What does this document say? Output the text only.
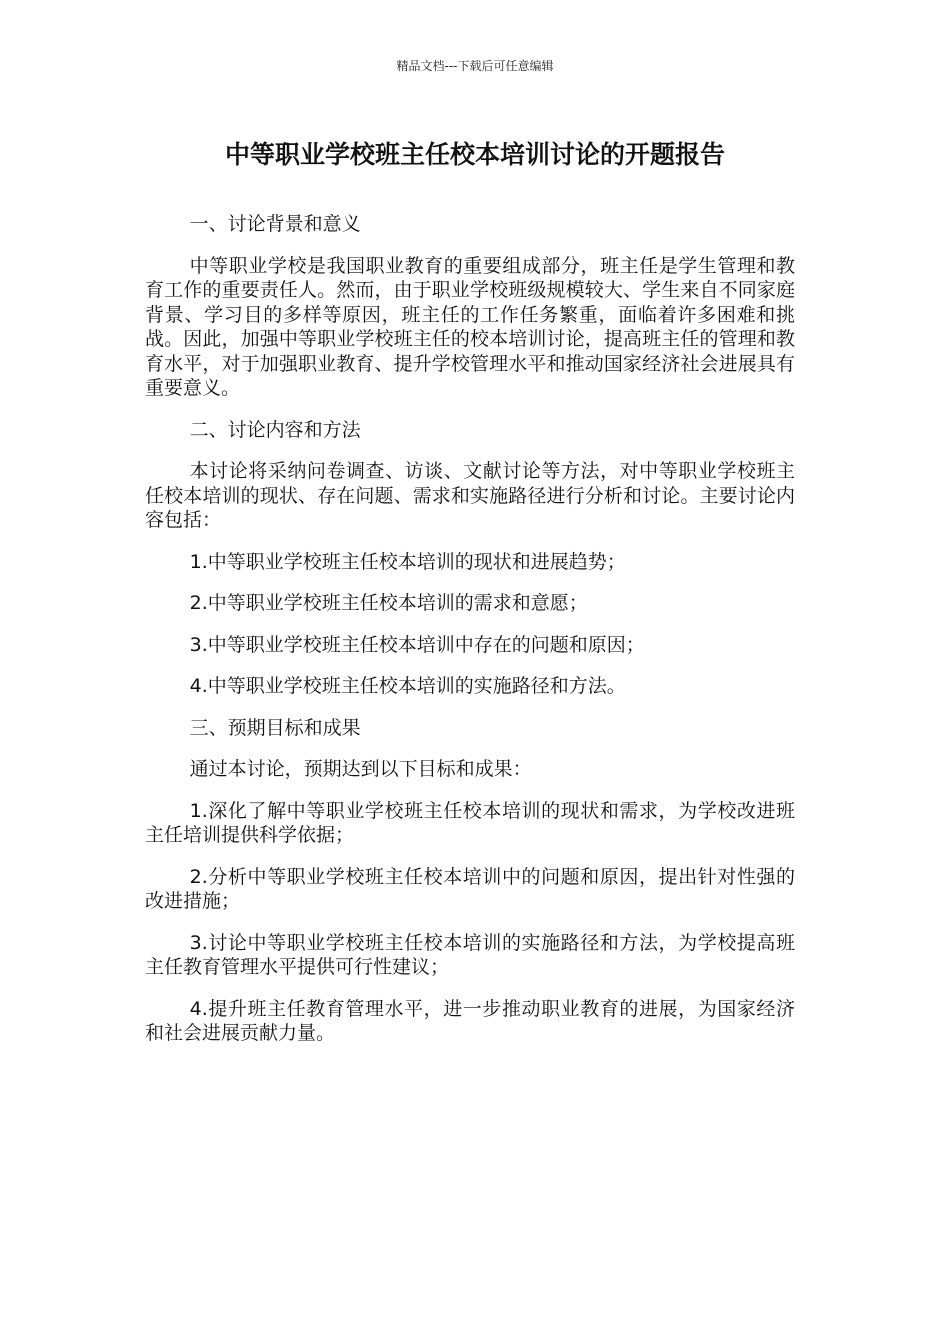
精品文档---下载后可任意编辑
中等职业学校班主任校本培训讨论的开题报告

一、讨论背景和意义

中等职业学校是我国职业教育的重要组成部分，班主任是学生管理和教育工作的重要责任人。然而，由于职业学校班级规模较大、学生来自不同家庭背景、学习目的多样等原因，班主任的工作任务繁重，面临着许多困难和挑战。因此，加强中等职业学校班主任的校本培训讨论，提高班主任的管理和教育水平，对于加强职业教育、提升学校管理水平和推动国家经济社会进展具有重要意义。

二、讨论内容和方法

本讨论将采纳问卷调查、访谈、文献讨论等方法，对中等职业学校班主任校本培训的现状、存在问题、需求和实施路径进行分析和讨论。主要讨论内容包括：

1.中等职业学校班主任校本培训的现状和进展趋势；

2.中等职业学校班主任校本培训的需求和意愿；

3.中等职业学校班主任校本培训中存在的问题和原因；

4.中等职业学校班主任校本培训的实施路径和方法。

三、预期目标和成果

通过本讨论，预期达到以下目标和成果：

1.深化了解中等职业学校班主任校本培训的现状和需求，为学校改进班主任培训提供科学依据；

2.分析中等职业学校班主任校本培训中的问题和原因，提出针对性强的改进措施；

3.讨论中等职业学校班主任校本培训的实施路径和方法，为学校提高班主任教育管理水平提供可行性建议；

4.提升班主任教育管理水平，进一步推动职业教育的进展，为国家经济和社会进展贡献力量。
